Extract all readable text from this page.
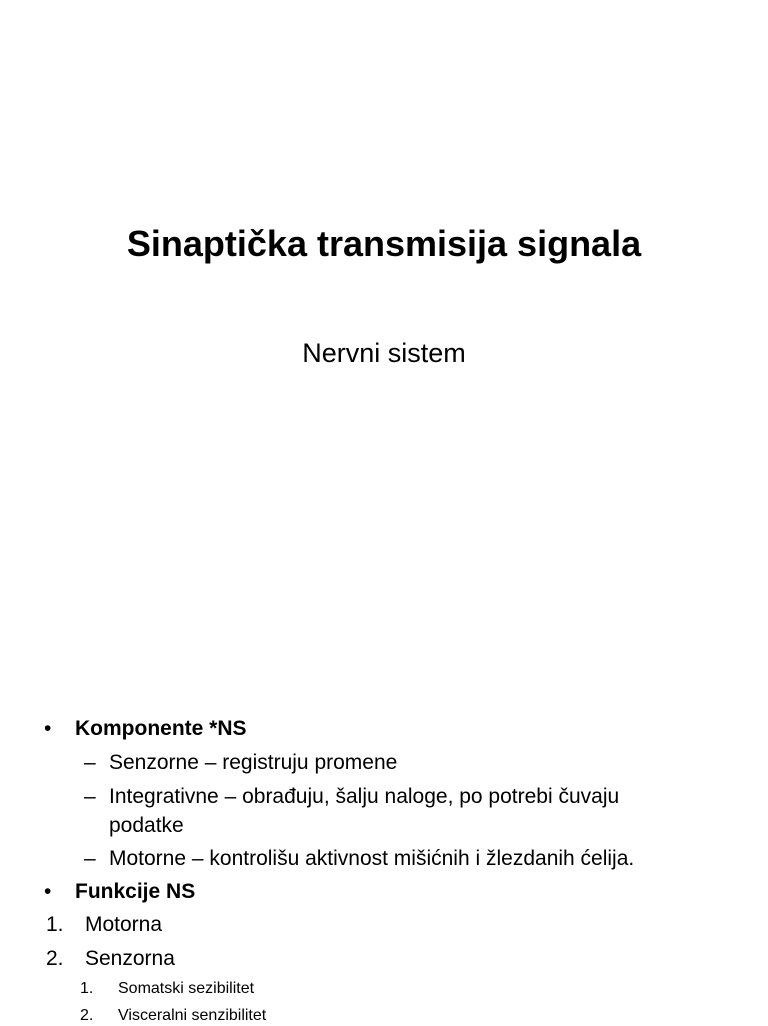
Sinaptička transmisija signala
Nervni sistem
• Komponente *NS
– Senzorne – registruju promene
– Integrativne – obrađuju, šalju naloge, po potrebi čuvaju
podatke
– Motorne – kontrolišu aktivnost mišićnih i žlezdanih ćelija.
• Funkcije NS
1. Motorna
2. Senzorna
1. Somatski sezibilitet
2. Visceralni senzibilitet
